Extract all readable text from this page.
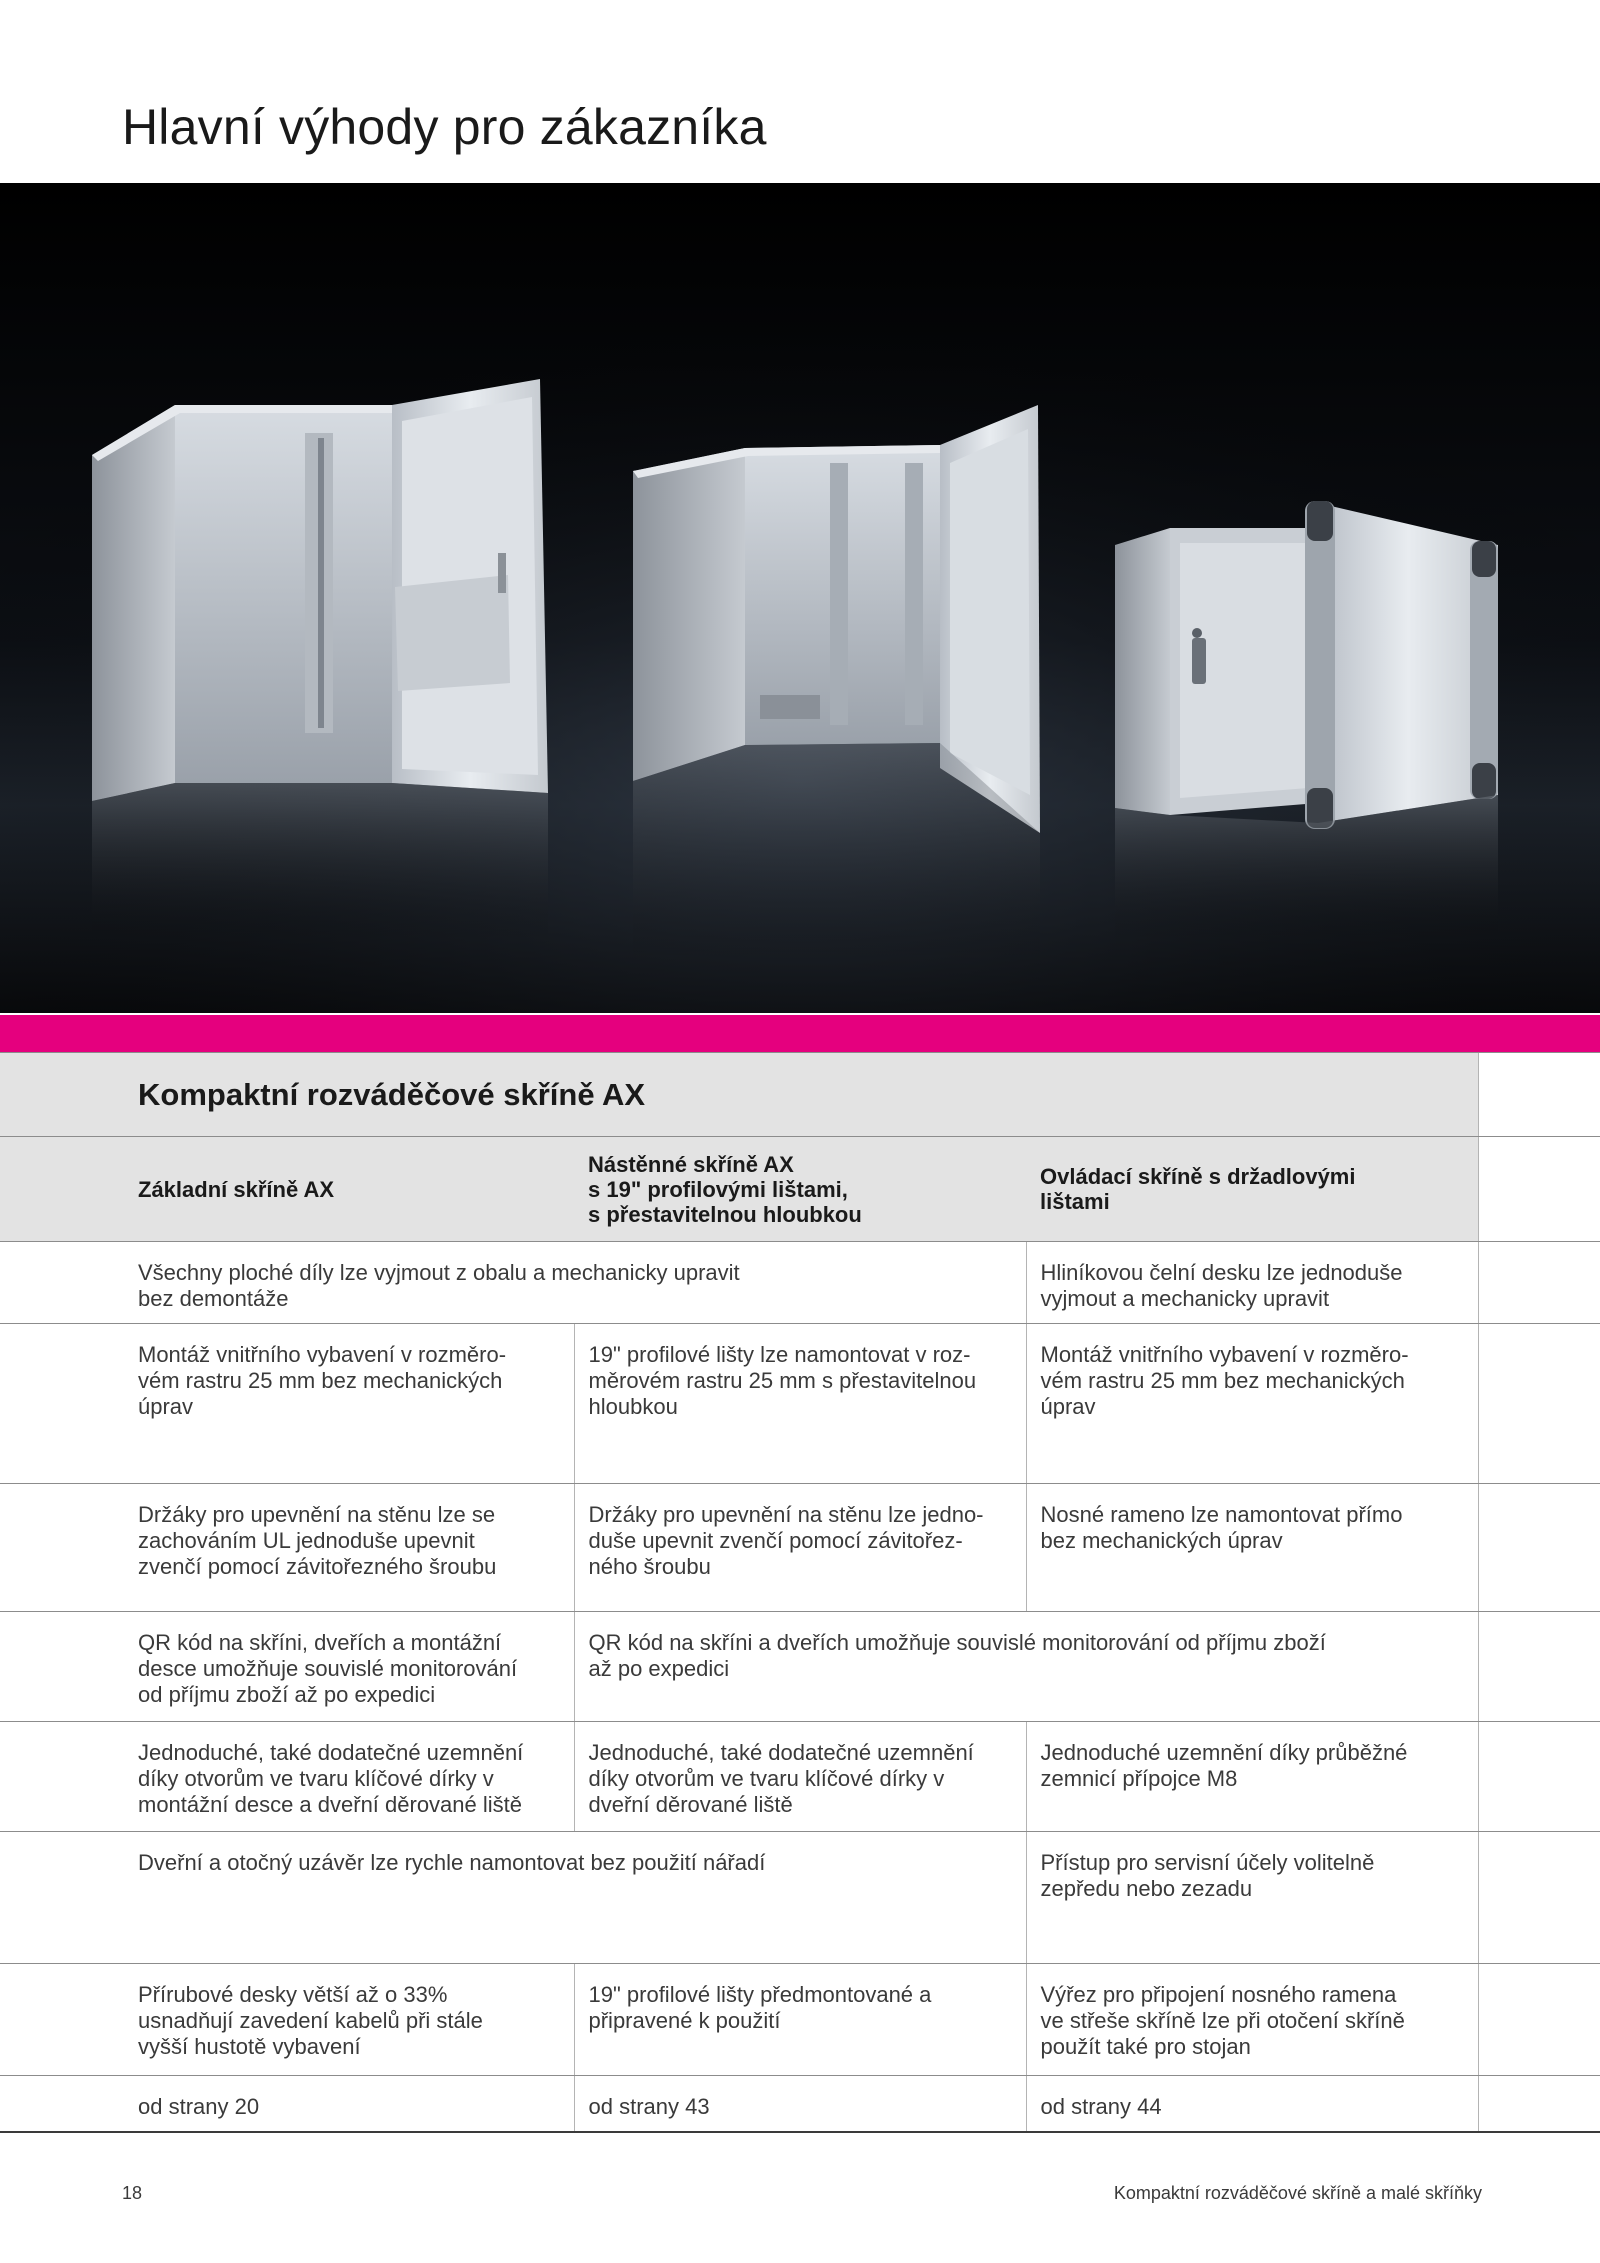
Hlavní výhody pro zákazníka
	Kompaktní rozváděčové skříně AX			
	Základní skříně AX	Nástěnné skříně AX
s 19" profilovými lištami,
s přestavitelnou hloubkou	Ovládací skříně s držadlovými
lištami	
	Všechny ploché díly lze vyjmout z obalu a mechanicky upravit
bez demontáže		Hliníkovou čelní desku lze jednoduše
vyjmout a mechanicky upravit	
	Montáž vnitřního vybavení v rozměro-
vém rastru 25 mm bez mechanických
úprav	19" profilové lišty lze namontovat v roz-
měrovém rastru 25 mm s přestavitelnou
hloubkou	Montáž vnitřního vybavení v rozměro-
vém rastru 25 mm bez mechanických
úprav	
	Držáky pro upevnění na stěnu lze se
zachováním UL jednoduše upevnit
zvenčí pomocí závitořezného šroubu	Držáky pro upevnění na stěnu lze jedno-
duše upevnit zvenčí pomocí závitořez-
ného šroubu	Nosné rameno lze namontovat přímo
bez mechanických úprav	
	QR kód na skříni, dveřích a montážní
desce umožňuje souvislé monitorování
od příjmu zboží až po expedici	QR kód na skříni a dveřích umožňuje souvislé monitorování od příjmu zboží
až po expedici		
	Jednoduché, také dodatečné uzemnění
díky otvorům ve tvaru klíčové dírky v
montážní desce a dveřní děrované liště	Jednoduché, také dodatečné uzemnění
díky otvorům ve tvaru klíčové dírky v
dveřní děrované liště	Jednoduché uzemnění díky průběžné
zemnicí přípojce M8	
	Dveřní a otočný uzávěr lze rychle namontovat bez použití nářadí		Přístup pro servisní účely volitelně
zepředu nebo zezadu	
	Přírubové desky větší až o 33%
usnadňují zavedení kabelů při stále
vyšší hustotě vybavení	19" profilové lišty předmontované a
připravené k použití	Výřez pro připojení nosného ramena
ve střeše skříně lze při otočení skříně
použít také pro stojan	
	od strany 20	od strany 43	od strany 44	
18	Kompaktní rozváděčové skříně a malé skříňky
